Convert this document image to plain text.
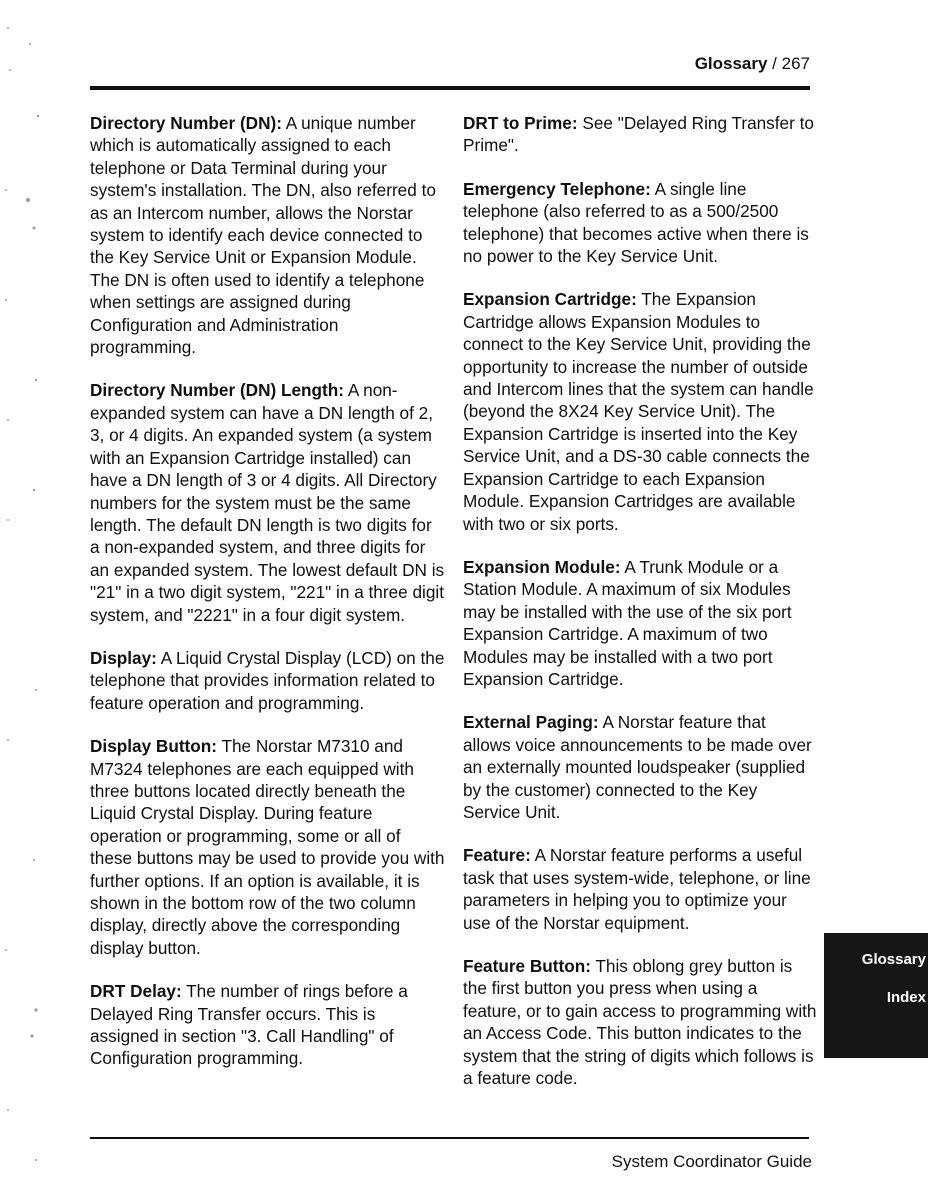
Glossary / 267

Directory Number (DN): A unique number which is automatically assigned to each telephone or Data Terminal during your system's installation. The DN, also referred to as an Intercom number, allows the Norstar system to identify each device connected to the Key Service Unit or Expansion Module. The DN is often used to identify a telephone when settings are assigned during Configuration and Administration programming.

Directory Number (DN) Length: A non-expanded system can have a DN length of 2, 3, or 4 digits. An expanded system (a system with an Expansion Cartridge installed) can have a DN length of 3 or 4 digits. All Directory numbers for the system must be the same length. The default DN length is two digits for a non-expanded system, and three digits for an expanded system. The lowest default DN is "21" in a two digit system, "221" in a three digit system, and "2221" in a four digit system.

Display: A Liquid Crystal Display (LCD) on the telephone that provides information related to feature operation and programming.

Display Button: The Norstar M7310 and M7324 telephones are each equipped with three buttons located directly beneath the Liquid Crystal Display. During feature operation or programming, some or all of these buttons may be used to provide you with further options. If an option is available, it is shown in the bottom row of the two column display, directly above the corresponding display button.

DRT Delay: The number of rings before a Delayed Ring Transfer occurs. This is assigned in section "3. Call Handling" of Configuration programming.

DRT to Prime: See "Delayed Ring Transfer to Prime".

Emergency Telephone: A single line telephone (also referred to as a 500/2500 telephone) that becomes active when there is no power to the Key Service Unit.

Expansion Cartridge: The Expansion Cartridge allows Expansion Modules to connect to the Key Service Unit, providing the opportunity to increase the number of outside and Intercom lines that the system can handle (beyond the 8X24 Key Service Unit). The Expansion Cartridge is inserted into the Key Service Unit, and a DS-30 cable connects the Expansion Cartridge to each Expansion Module. Expansion Cartridges are available with two or six ports.

Expansion Module: A Trunk Module or a Station Module. A maximum of six Modules may be installed with the use of the six port Expansion Cartridge. A maximum of two Modules may be installed with a two port Expansion Cartridge.

External Paging: A Norstar feature that allows voice announcements to be made over an externally mounted loudspeaker (supplied by the customer) connected to the Key Service Unit.

Feature: A Norstar feature performs a useful task that uses system-wide, telephone, or line parameters in helping you to optimize your use of the Norstar equipment.

Feature Button: This oblong grey button is the first button you press when using a feature, or to gain access to programming with an Access Code. This button indicates to the system that the string of digits which follows is a feature code.

Glossary
Index
System Coordinator Guide
